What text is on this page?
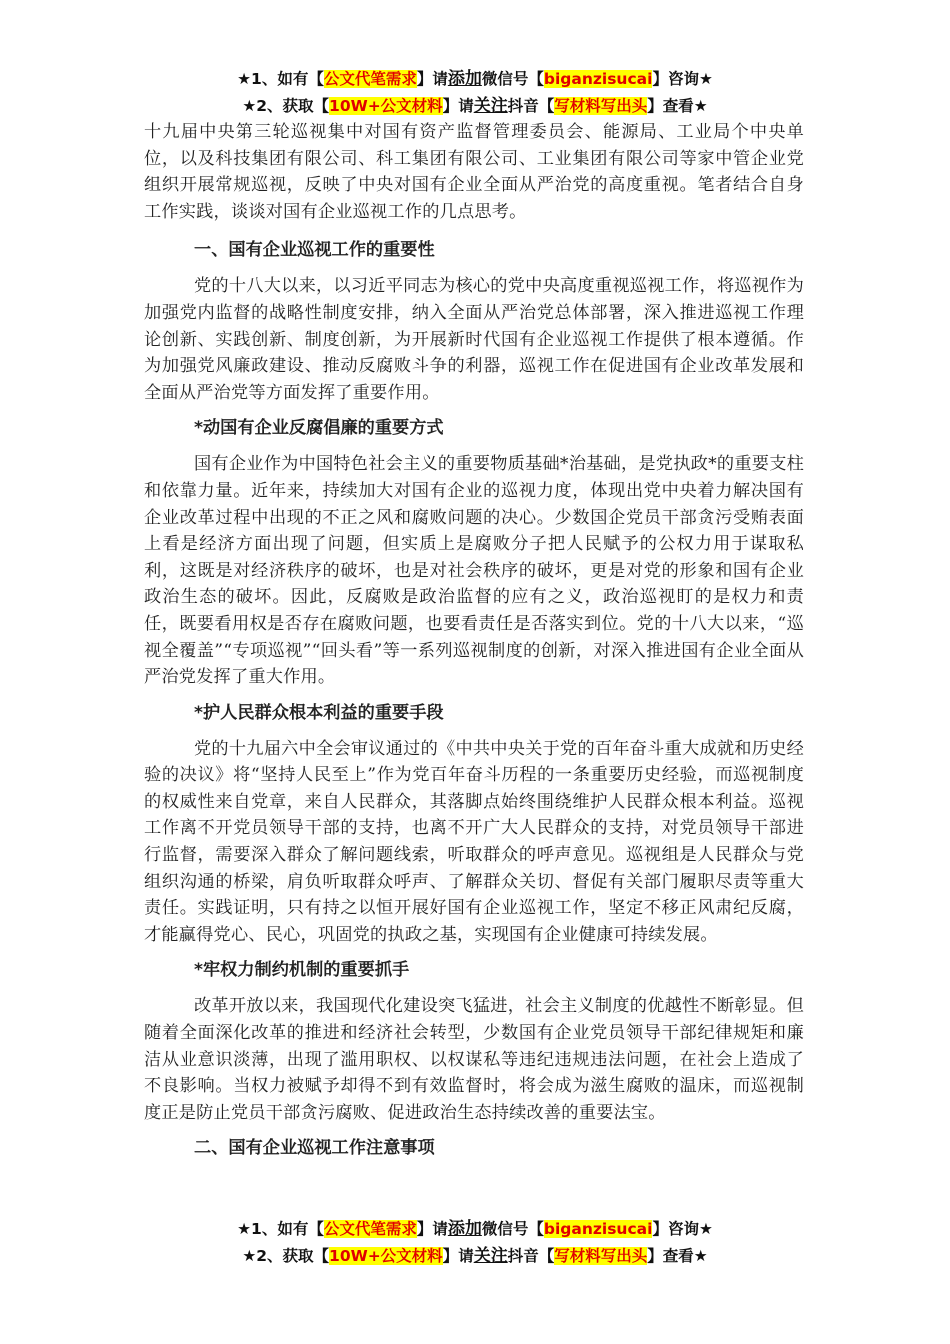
★1、如有【公文代笔需求】请添加微信号【biganzisucai】咨询★
★2、获取【10W+公文材料】请关注抖音【写材料写出头】查看★

十九届中央第三轮巡视集中对国有资产监督管理委员会、能源局、工业局个中央单位，以及科技集团有限公司、科工集团有限公司、工业集团有限公司等家中管企业党组织开展常规巡视，反映了中央对国有企业全面从严治党的高度重视。笔者结合自身工作实践，谈谈对国有企业巡视工作的几点思考。

一、国有企业巡视工作的重要性

党的十八大以来，以习近平同志为核心的党中央高度重视巡视工作，将巡视作为加强党内监督的战略性制度安排，纳入全面从严治党总体部署，深入推进巡视工作理论创新、实践创新、制度创新，为开展新时代国有企业巡视工作提供了根本遵循。作为加强党风廉政建设、推动反腐败斗争的利器，巡视工作在促进国有企业改革发展和全面从严治党等方面发挥了重要作用。

*动国有企业反腐倡廉的重要方式

国有企业作为中国特色社会主义的重要物质基础*治基础，是党执政*的重要支柱和依靠力量。近年来，持续加大对国有企业的巡视力度，体现出党中央着力解决国有企业改革过程中出现的不正之风和腐败问题的决心。少数国企党员干部贪污受贿表面上看是经济方面出现了问题，但实质上是腐败分子把人民赋予的公权力用于谋取私利，这既是对经济秩序的破坏，也是对社会秩序的破坏，更是对党的形象和国有企业政治生态的破坏。因此，反腐败是政治监督的应有之义，政治巡视盯的是权力和责任，既要看用权是否存在腐败问题，也要看责任是否落实到位。党的十八大以来，“巡视全覆盖”“专项巡视”“回头看”等一系列巡视制度的创新，对深入推进国有企业全面从严治党发挥了重大作用。

*护人民群众根本利益的重要手段

党的十九届六中全会审议通过的《中共中央关于党的百年奋斗重大成就和历史经验的决议》将“坚持人民至上”作为党百年奋斗历程的一条重要历史经验，而巡视制度的权威性来自党章，来自人民群众，其落脚点始终围绕维护人民群众根本利益。巡视工作离不开党员领导干部的支持，也离不开广大人民群众的支持，对党员领导干部进行监督，需要深入群众了解问题线索，听取群众的呼声意见。巡视组是人民群众与党组织沟通的桥梁，肩负听取群众呼声、了解群众关切、督促有关部门履职尽责等重大责任。实践证明，只有持之以恒开展好国有企业巡视工作，坚定不移正风肃纪反腐，才能赢得党心、民心，巩固党的执政之基，实现国有企业健康可持续发展。

*牢权力制约机制的重要抓手

改革开放以来，我国现代化建设突飞猛进，社会主义制度的优越性不断彰显。但随着全面深化改革的推进和经济社会转型，少数国有企业党员领导干部纪律规矩和廉洁从业意识淡薄，出现了滥用职权、以权谋私等违纪违规违法问题，在社会上造成了不良影响。当权力被赋予却得不到有效监督时，将会成为滋生腐败的温床，而巡视制度正是防止党员干部贪污腐败、促进政治生态持续改善的重要法宝。

二、国有企业巡视工作注意事项
★1、如有【公文代笔需求】请添加微信号【biganzisucai】咨询★
★2、获取【10W+公文材料】请关注抖音【写材料写出头】查看★
